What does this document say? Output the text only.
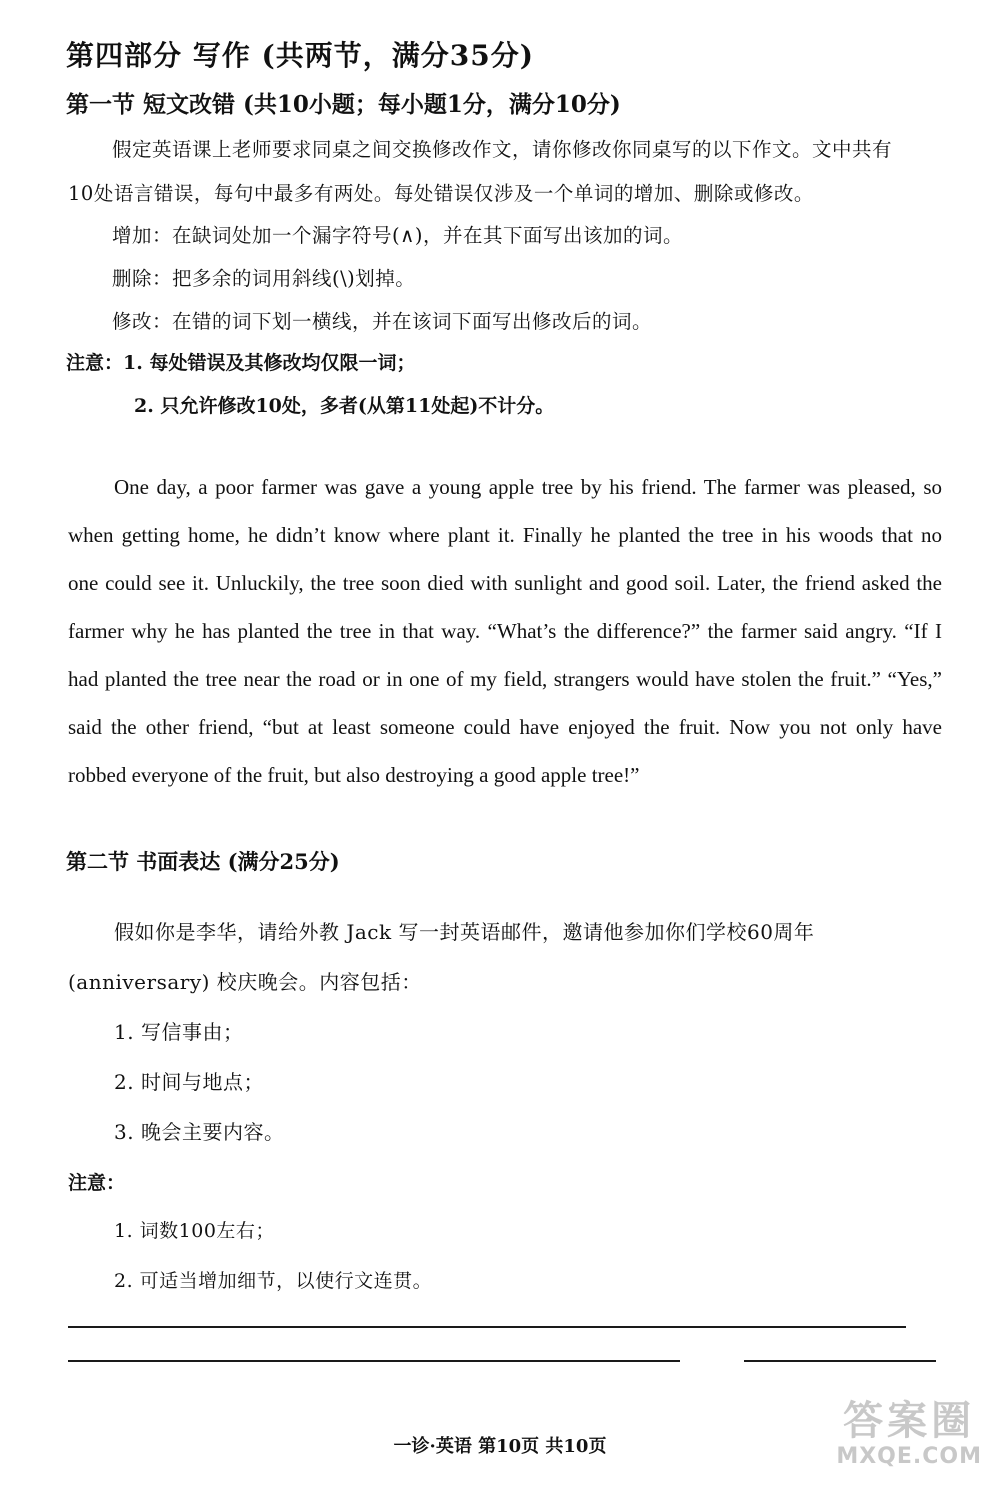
第四部分 写作 (共两节，满分35分)
第一节 短文改错 (共10小题；每小题1分，满分10分)
假定英语课上老师要求同桌之间交换修改作文，请你修改你同桌写的以下作文。文中共有
10处语言错误，每句中最多有两处。每处错误仅涉及一个单词的增加、删除或修改。
增加：在缺词处加一个漏字符号(∧)，并在其下面写出该加的词。
删除：把多余的词用斜线(\)划掉。
修改：在错的词下划一横线，并在该词下面写出修改后的词。
注意：1. 每处错误及其修改均仅限一词；
2. 只允许修改10处，多者(从第11处起)不计分。
One day, a poor farmer was gave a young apple tree by his friend. The farmer was pleased, so
when getting home, he didn’t know where plant it. Finally he planted the tree in his woods that no
one could see it. Unluckily, the tree soon died with sunlight and good soil. Later, the friend asked the
farmer why he has planted the tree in that way. “What’s the difference?” the farmer said angry. “If I
had planted the tree near the road or in one of my field, strangers would have stolen the fruit.” “Yes,”
said the other friend, “but at least someone could have enjoyed the fruit. Now you not only have
robbed everyone of the fruit, but also destroying a good apple tree!”
第二节 书面表达 (满分25分)
假如你是李华，请给外教 Jack 写一封英语邮件，邀请他参加你们学校60周年
(anniversary) 校庆晚会。内容包括：
1. 写信事由；
2. 时间与地点；
3. 晚会主要内容。
注意：
1. 词数100左右；
2. 可适当增加细节，以使行文连贯。
一诊·英语 第10页 共10页
答案圈
MXQE.COM
